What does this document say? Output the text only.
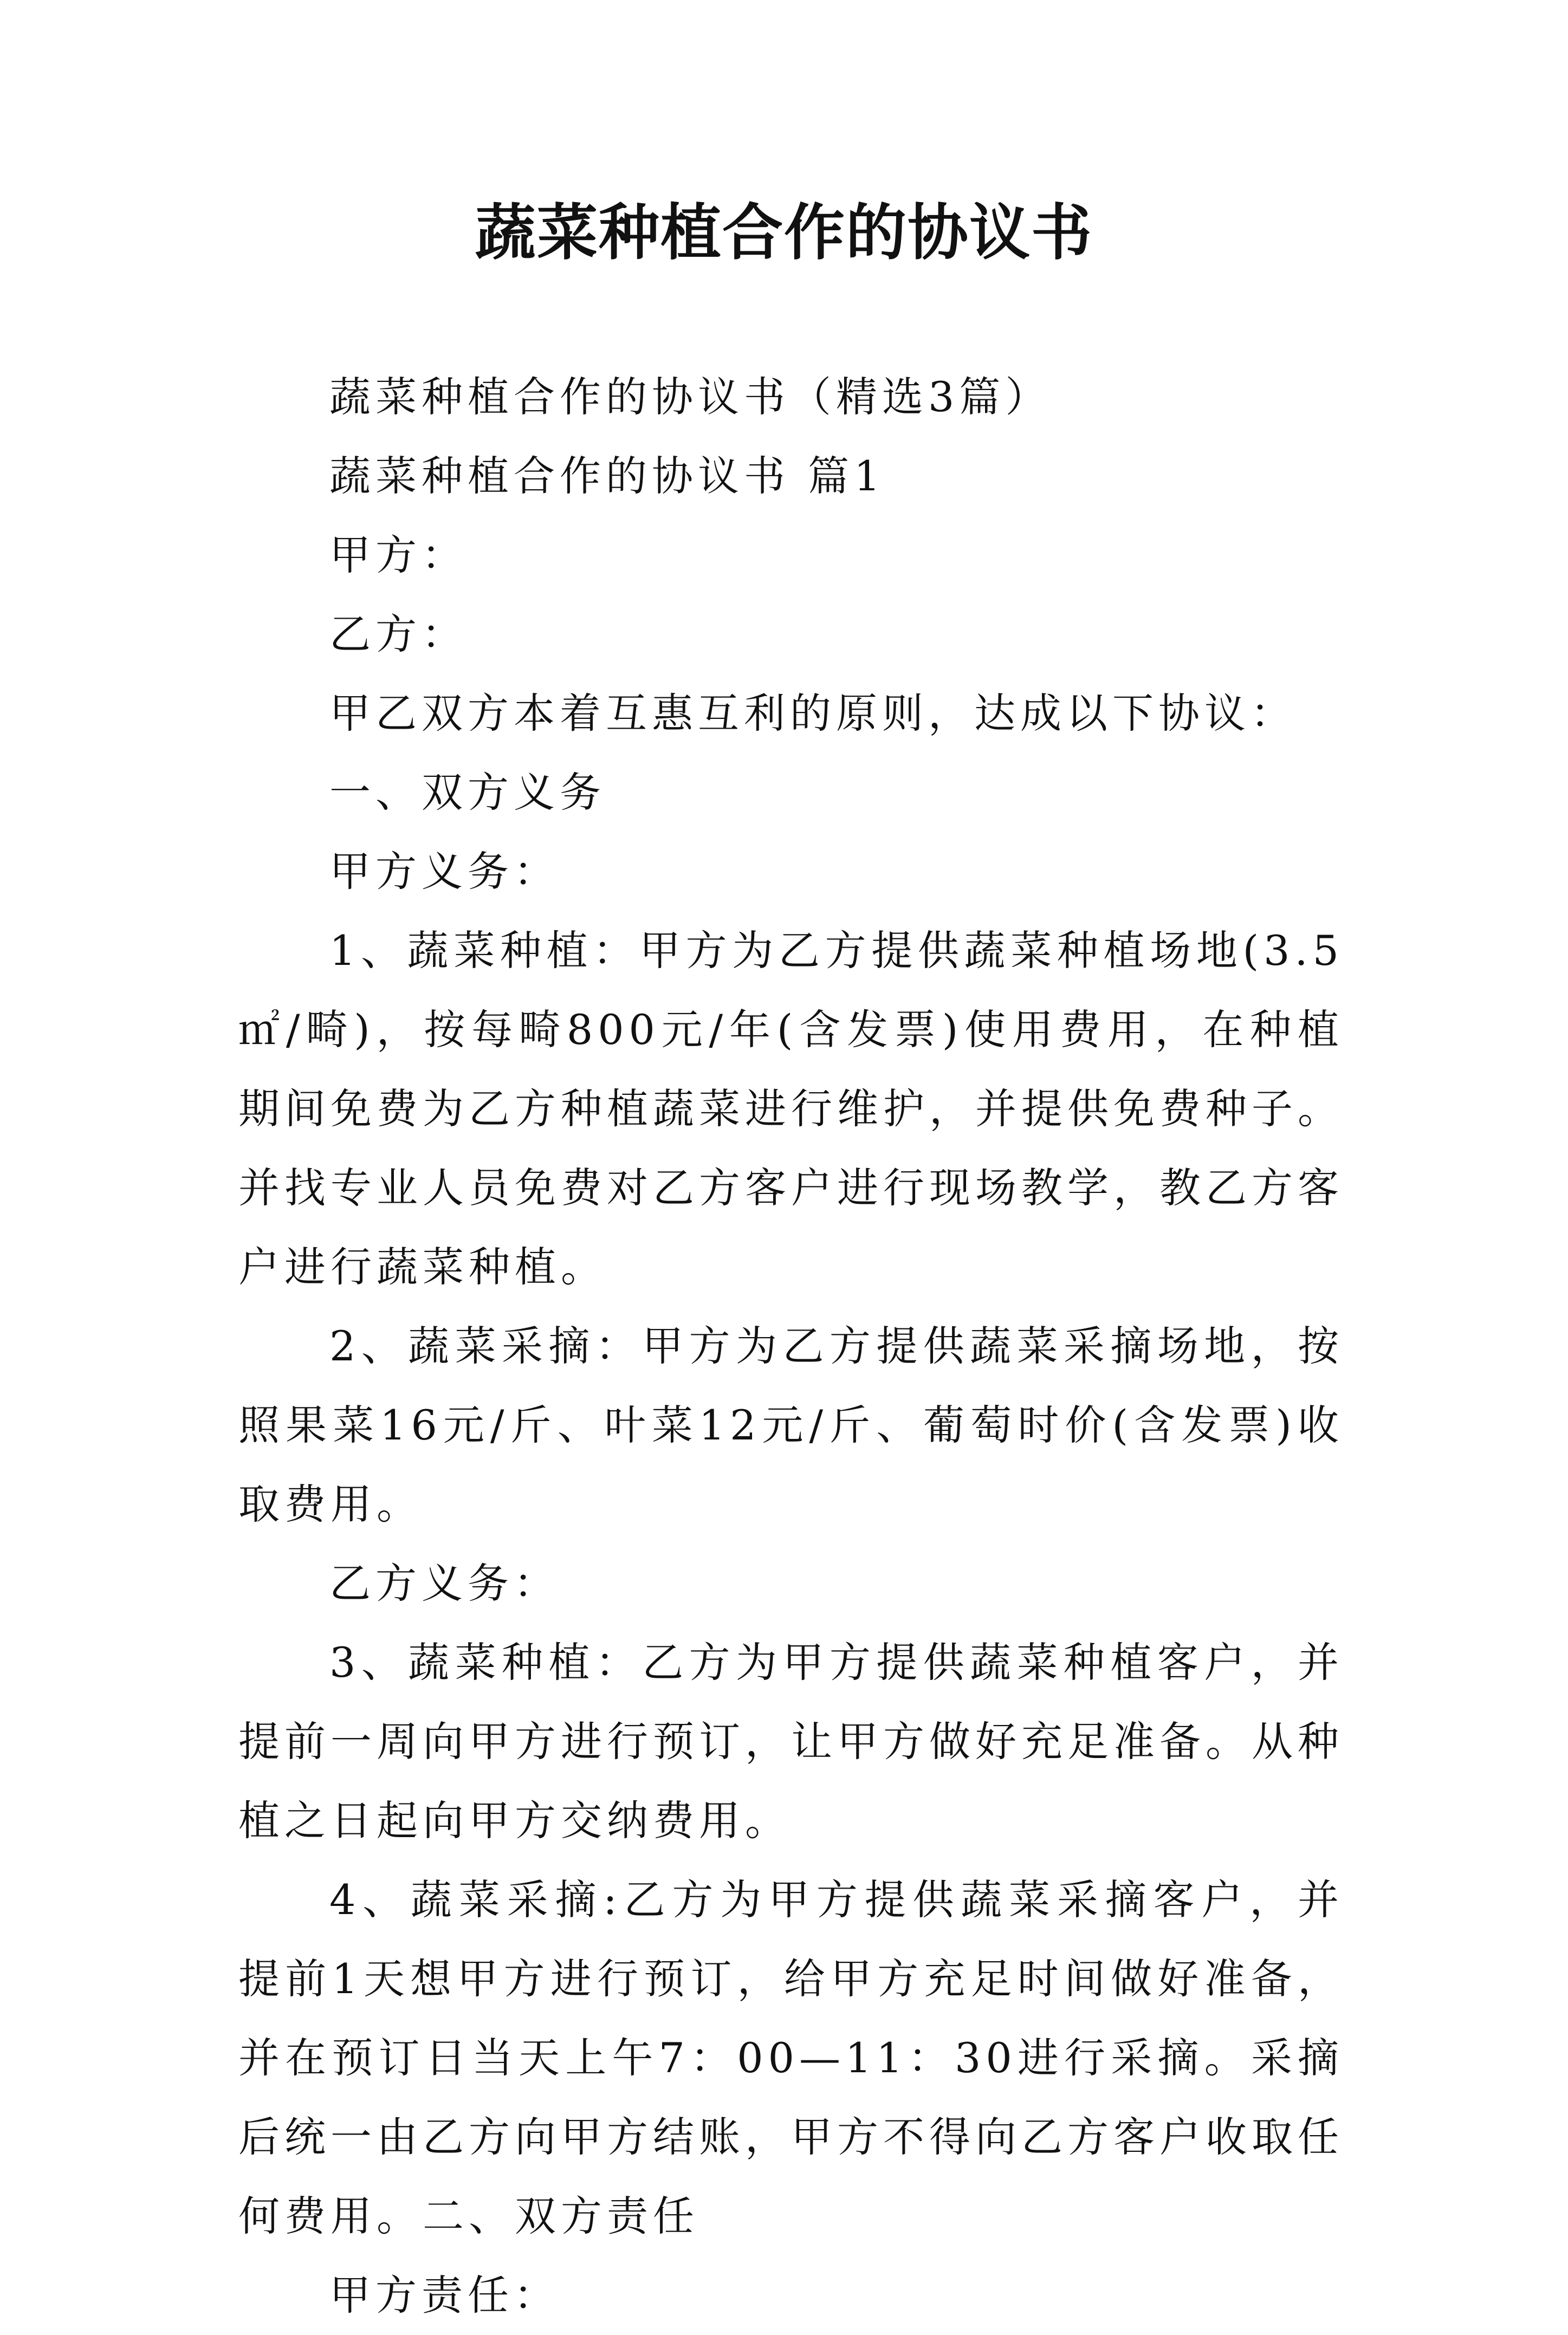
蔬菜种植合作的协议书

蔬菜种植合作的协议书（精选3篇）

蔬菜种植合作的协议书 篇1

甲方：

乙方：

甲乙双方本着互惠互利的原则，达成以下协议：

一、双方义务

甲方义务：

1、蔬菜种植：甲方为乙方提供蔬菜种植场地(3.5㎡/畸)，按每畸800元/年(含发票)使用费用，在种植期间免费为乙方种植蔬菜进行维护，并提供免费种子。并找专业人员免费对乙方客户进行现场教学，教乙方客户进行蔬菜种植。

2、蔬菜采摘：甲方为乙方提供蔬菜采摘场地，按照果菜16元/斤、叶菜12元/斤、葡萄时价(含发票)收取费用。

乙方义务：

3、蔬菜种植：乙方为甲方提供蔬菜种植客户，并提前一周向甲方进行预订，让甲方做好充足准备。从种植之日起向甲方交纳费用。

4、蔬菜采摘:乙方为甲方提供蔬菜采摘客户，并提前1天想甲方进行预订，给甲方充足时间做好准备，并在预订日当天上午7：00—11：30进行采摘。采摘后统一由乙方向甲方结账，甲方不得向乙方客户收取任何费用。二、双方责任

甲方责任：
